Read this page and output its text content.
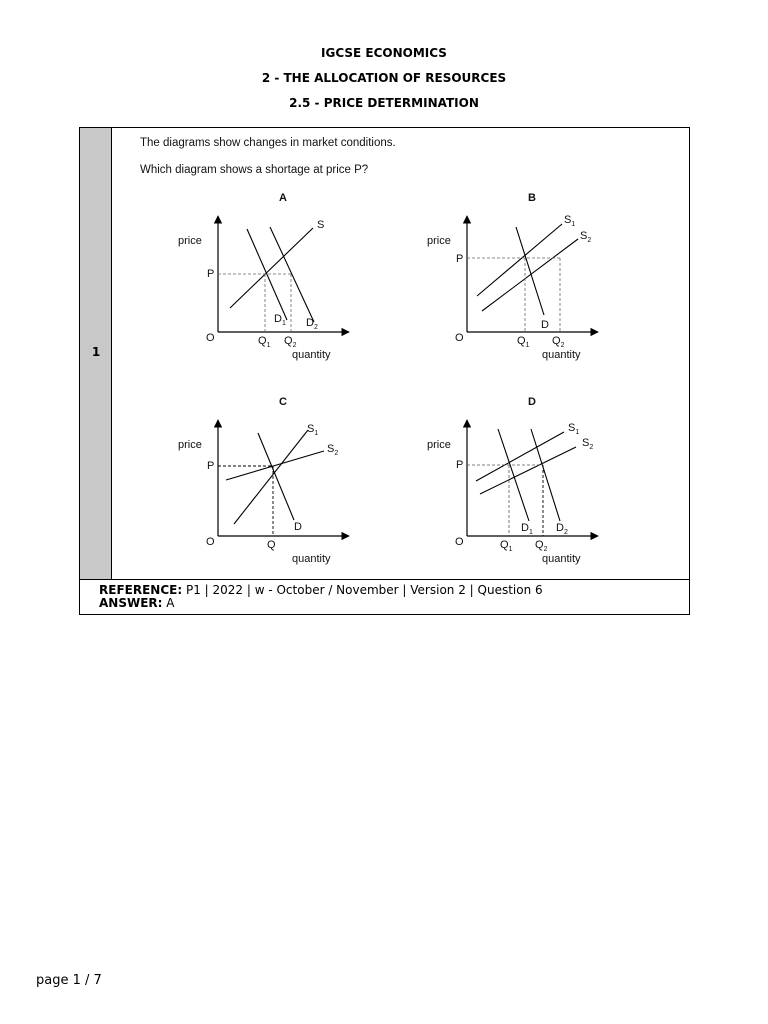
IGCSE ECONOMICS
2 - THE ALLOCATION OF RESOURCES
2.5 - PRICE DETERMINATION
1
The diagrams show changes in market conditions.
Which diagram shows a shortage at price P?
A
price
P
O
quantity
S
$D_1$ $D_2$
$Q_1$ $Q_2$
B
price
P
O
quantity
$S_1$
$S_2$
D
$Q_1$ $Q_2$
C
price
P
O
quantity
$S_1$
$S_2$
D
Q
D
price
P
O
quantity
$S_1$
$S_2$
$D_1$ $D_2$
$Q_1$ $Q_2$
REFERENCE: P1 | 2022 | w - October / November | Version 2 | Question 6
ANSWER: A
page 1 / 7
